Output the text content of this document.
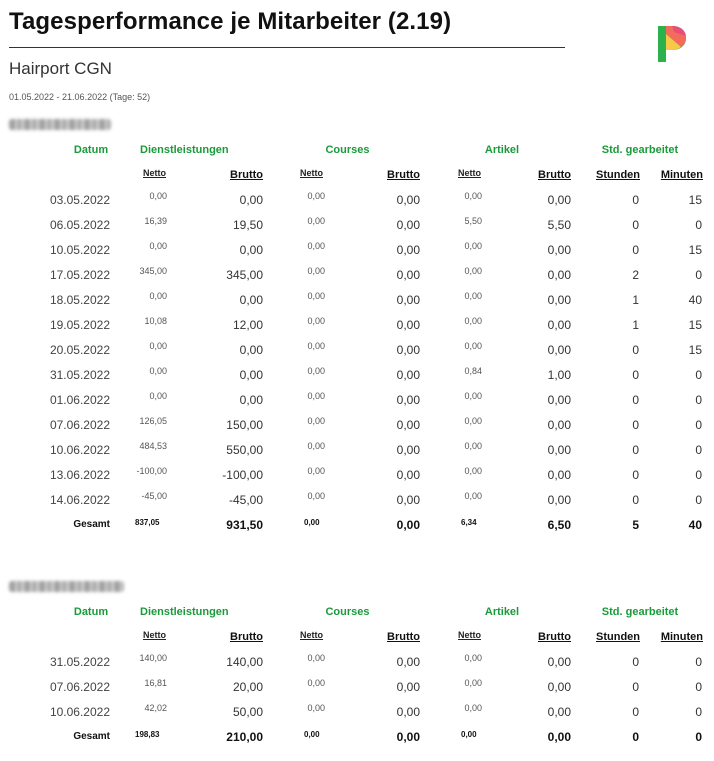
Tagesperformance je Mitarbeiter (2.19)
Hairport CGN
01.05.2022 - 21.06.2022 (Tage: 52)
Datum	Dienstleistungen	Courses	Artikel	Std. gearbeitet
Netto	Netto	Netto
Brutto	Brutto	Brutto	Stunden	Minuten
03.05.2022	0,00	0,00	0,00	0,00	0,00	0,00	0	15
06.05.2022	16,39	19,50	0,00	0,00	5,50	5,50	0	0
10.05.2022	0,00	0,00	0,00	0,00	0,00	0,00	0	15
17.05.2022	345,00	345,00	0,00	0,00	0,00	0,00	2	0
18.05.2022	0,00	0,00	0,00	0,00	0,00	0,00	1	40
19.05.2022	10,08	12,00	0,00	0,00	0,00	0,00	1	15
20.05.2022	0,00	0,00	0,00	0,00	0,00	0,00	0	15
31.05.2022	0,00	0,00	0,00	0,00	0,84	1,00	0	0
01.06.2022	0,00	0,00	0,00	0,00	0,00	0,00	0	0
07.06.2022	126,05	150,00	0,00	0,00	0,00	0,00	0	0
10.06.2022	484,53	550,00	0,00	0,00	0,00	0,00	0	0
13.06.2022	-100,00	-100,00	0,00	0,00	0,00	0,00	0	0
14.06.2022	-45,00	-45,00	0,00	0,00	0,00	0,00	0	0
Gesamt	837,05	931,50	0,00	0,00	6,34	6,50	5	40
Datum	Dienstleistungen	Courses	Artikel	Std. gearbeitet
Netto	Netto	Netto
Brutto	Brutto	Brutto	Stunden	Minuten
31.05.2022	140,00	140,00	0,00	0,00	0,00	0,00	0	0
07.06.2022	16,81	20,00	0,00	0,00	0,00	0,00	0	0
10.06.2022	42,02	50,00	0,00	0,00	0,00	0,00	0	0
Gesamt	198,83	210,00	0,00	0,00	0,00	0,00	0	0
